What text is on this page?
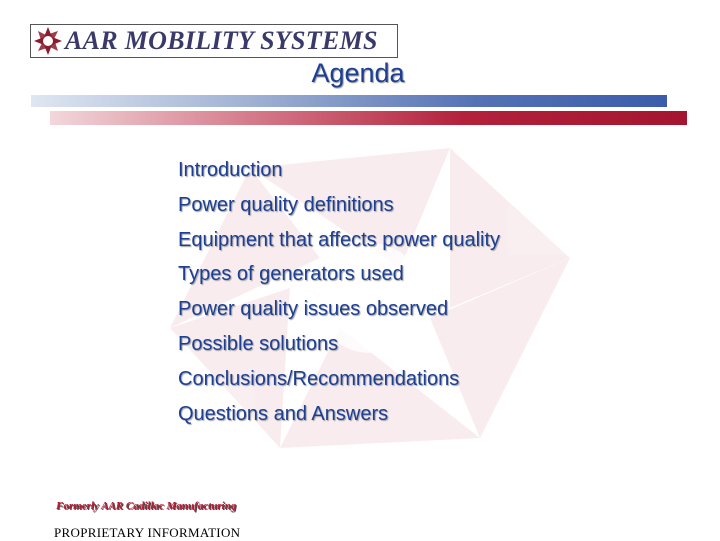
AAR MOBILITY SYSTEMS
Agenda
Introduction
Power quality definitions
Equipment that affects power quality
Types of generators used
Power quality issues observed
Possible solutions
Conclusions/Recommendations
Questions and Answers
Formerly AAR Cadillac Manufacturing
PROPRIETARY INFORMATION
